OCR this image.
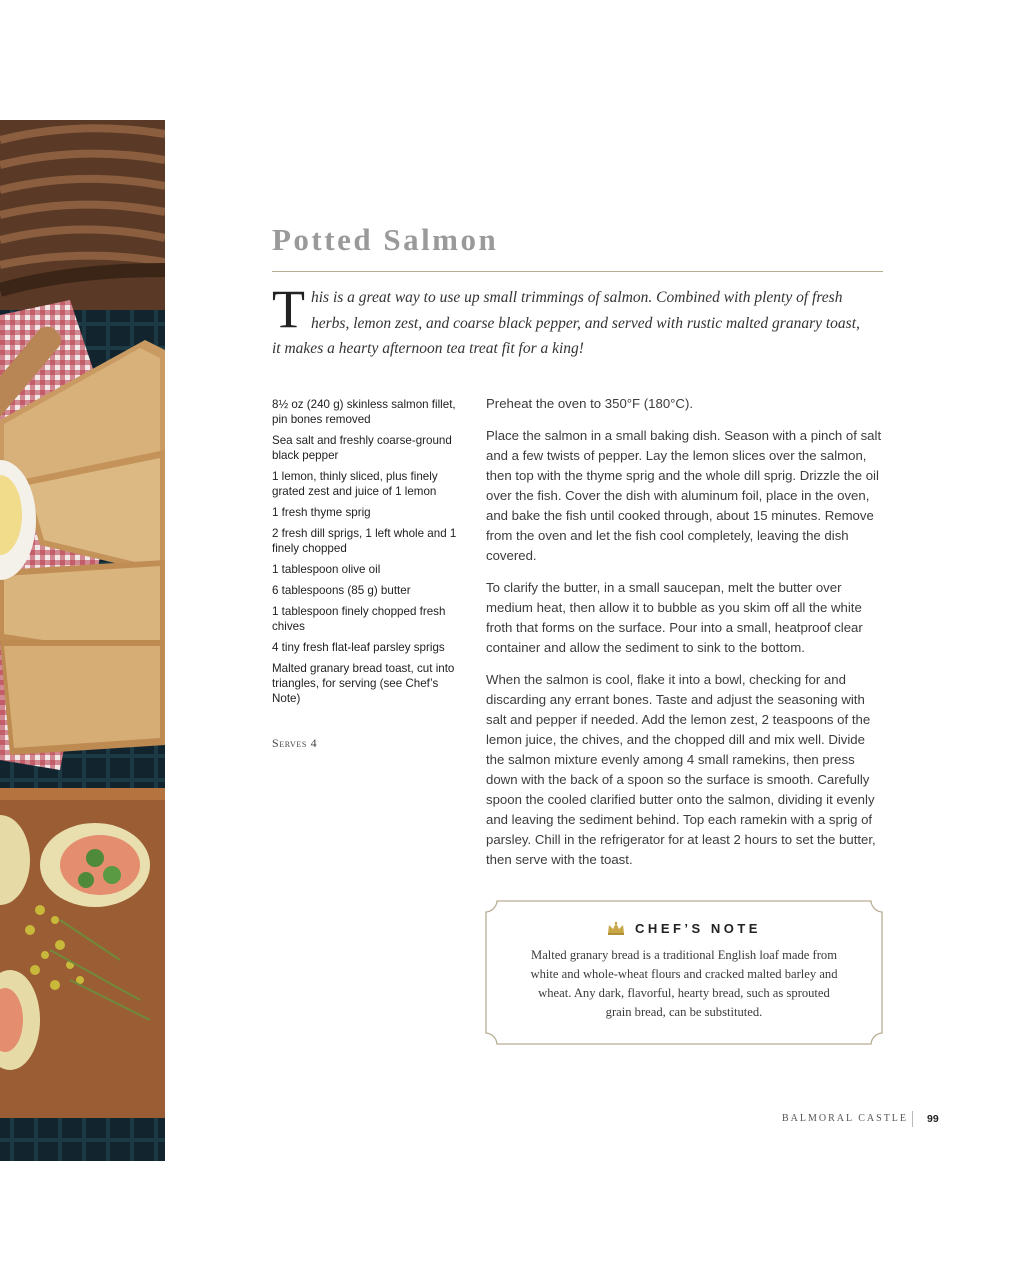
Potted Salmon

This is a great way to use up small trimmings of salmon. Combined with plenty of fresh herbs, lemon zest, and coarse black pepper, and served with rustic malted granary toast, it makes a hearty afternoon tea treat fit for a king!

8½ oz (240 g) skinless salmon fillet, pin bones removed
Sea salt and freshly coarse-ground black pepper
1 lemon, thinly sliced, plus finely grated zest and juice of 1 lemon
1 fresh thyme sprig
2 fresh dill sprigs, 1 left whole and 1 finely chopped
1 tablespoon olive oil
6 tablespoons (85 g) butter
1 tablespoon finely chopped fresh chives
4 tiny fresh flat-leaf parsley sprigs
Malted granary bread toast, cut into triangles, for serving (see Chef’s Note)

Serves 4

Preheat the oven to 350°F (180°C).

Place the salmon in a small baking dish. Season with a pinch of salt and a few twists of pepper. Lay the lemon slices over the salmon, then top with the thyme sprig and the whole dill sprig. Drizzle the oil over the fish. Cover the dish with aluminum foil, place in the oven, and bake the fish until cooked through, about 15 minutes. Remove from the oven and let the fish cool completely, leaving the dish covered.

To clarify the butter, in a small saucepan, melt the butter over medium heat, then allow it to bubble as you skim off all the white froth that forms on the surface. Pour into a small, heatproof clear container and allow the sediment to sink to the bottom.

When the salmon is cool, flake it into a bowl, checking for and discarding any errant bones. Taste and adjust the seasoning with salt and pepper if needed. Add the lemon zest, 2 teaspoons of the lemon juice, the chives, and the chopped dill and mix well. Divide the salmon mixture evenly among 4 small ramekins, then press down with the back of a spoon so the surface is smooth. Carefully spoon the cooled clarified butter onto the salmon, dividing it evenly and leaving the sediment behind. Top each ramekin with a sprig of parsley. Chill in the refrigerator for at least 2 hours to set the butter, then serve with the toast.

CHEF’S NOTE

Malted granary bread is a traditional English loaf made from white and whole-wheat flours and cracked malted barley and wheat. Any dark, flavorful, hearty bread, such as sprouted grain bread, can be substituted.

BALMORAL CASTLE 99
